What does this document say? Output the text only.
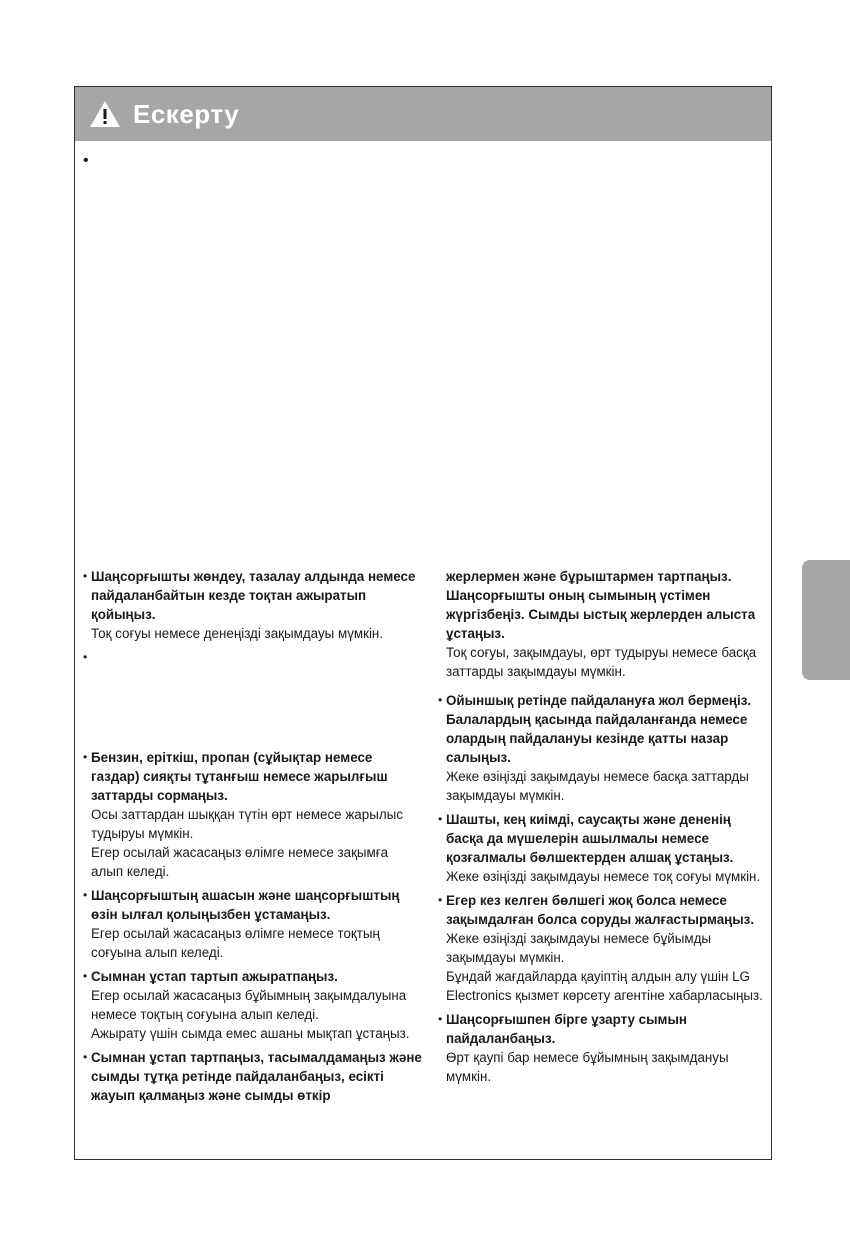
Ескерту
•
• Шаңсорғышты жөндеу, тазалау алдында немесе пайдаланбайтын кезде тоқтан ажыратып қойыңыз.
Тоқ соғуы немесе денеңізді зақымдауы мүмкін.
•
• Бензин, еріткіш, пропан (сұйықтар немесе газдар) сияқты тұтанғыш немесе жарылғыш заттарды сормаңыз.
Осы заттардан шыққан түтін өрт немесе жарылыс тудыруы мүмкін.
Егер осылай жасасаңыз өлімге немесе зақымға алып келеді.
• Шаңсорғыштың ашасын және шаңсорғыштың өзін ылғал қолыңызбен ұстамаңыз.
Егер осылай жасасаңыз өлімге немесе тоқтың соғуына алып келеді.
• Сымнан ұстап тартып ажыратпаңыз.
Егер осылай жасасаңыз бұйымның зақымдалуына немесе тоқтың соғуына алып келеді.
Ажырату үшін сымда емес ашаны мықтап ұстаңыз.
• Сымнан ұстап тартпаңыз, тасымалдамаңыз және сымды тұтқа ретінде пайдаланбаңыз, есікті жауып қалмаңыз және сымды өткір
жерлермен және бұрыштармен тартпаңыз. Шаңсорғышты оның сымының үстімен жүргізбеңіз. Сымды ыстық жерлерден алыста ұстаңыз.
Тоқ соғуы, зақымдауы, өрт тудыруы немесе басқа заттарды зақымдауы мүмкін.
• Ойыншық ретінде пайдалануға жол бермеңіз. Балалардың қасында пайдаланғанда немесе олардың пайдалануы кезінде қатты назар салыңыз.
Жеке өзіңізді зақымдауы немесе басқа заттарды зақымдауы мүмкін.
• Шашты, кең киімді, саусақты және дененің басқа да мүшелерін ашылмалы немесе қозғалмалы бөлшектерден алшақ ұстаңыз.
Жеке өзіңізді зақымдауы немесе тоқ соғуы мүмкін.
• Егер кез келген бөлшегі жоқ болса немесе зақымдалған болса соруды жалғастырмаңыз.
Жеке өзіңізді зақымдауы немесе бұйымды зақымдауы мүмкін.
Бұндай жағдайларда қауіптің алдын алу үшін LG Electronics қызмет көрсету агентіне хабарласыңыз.
• Шаңсорғышпен бірге ұзарту сымын пайдаланбаңыз.
Өрт қаупі бар немесе бұйымның зақымдануы мүмкін.
